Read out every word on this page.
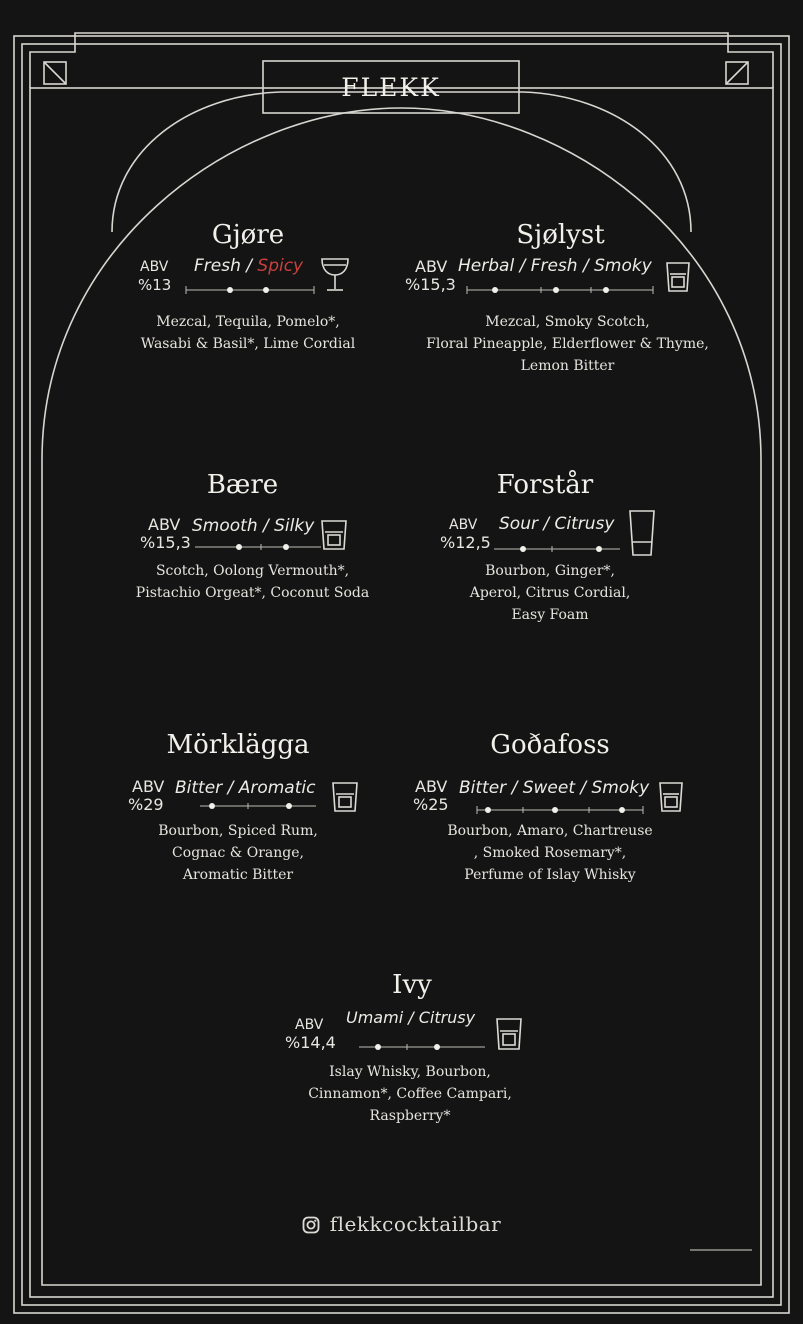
FLEKK
Gjøre
ABV
%13
Fresh / Spicy
Mezcal, Tequila, Pomelo*,
Wasabi & Basil*, Lime Cordial
Sjølyst
ABV
%15,3
Herbal / Fresh / Smoky
Mezcal, Smoky Scotch,
Floral Pineapple, Elderflower & Thyme,
Lemon Bitter
Bære
ABV
%15,3
Smooth / Silky
Scotch, Oolong Vermouth*,
Pistachio Orgeat*, Coconut Soda
Forstår
ABV
%12,5
Sour / Citrusy
Bourbon, Ginger*,
Aperol, Citrus Cordial,
Easy Foam
Mörklägga
ABV
%29
Bitter / Aromatic
Bourbon, Spiced Rum,
Cognac & Orange,
Aromatic Bitter
Goðafoss
ABV
%25
Bitter / Sweet / Smoky
Bourbon, Amaro, Chartreuse
, Smoked Rosemary*,
Perfume of Islay Whisky
Ivy
ABV
%14,4
Umami / Citrusy
Islay Whisky, Bourbon,
Cinnamon*, Coffee Campari,
Raspberry*
flekkcocktailbar
